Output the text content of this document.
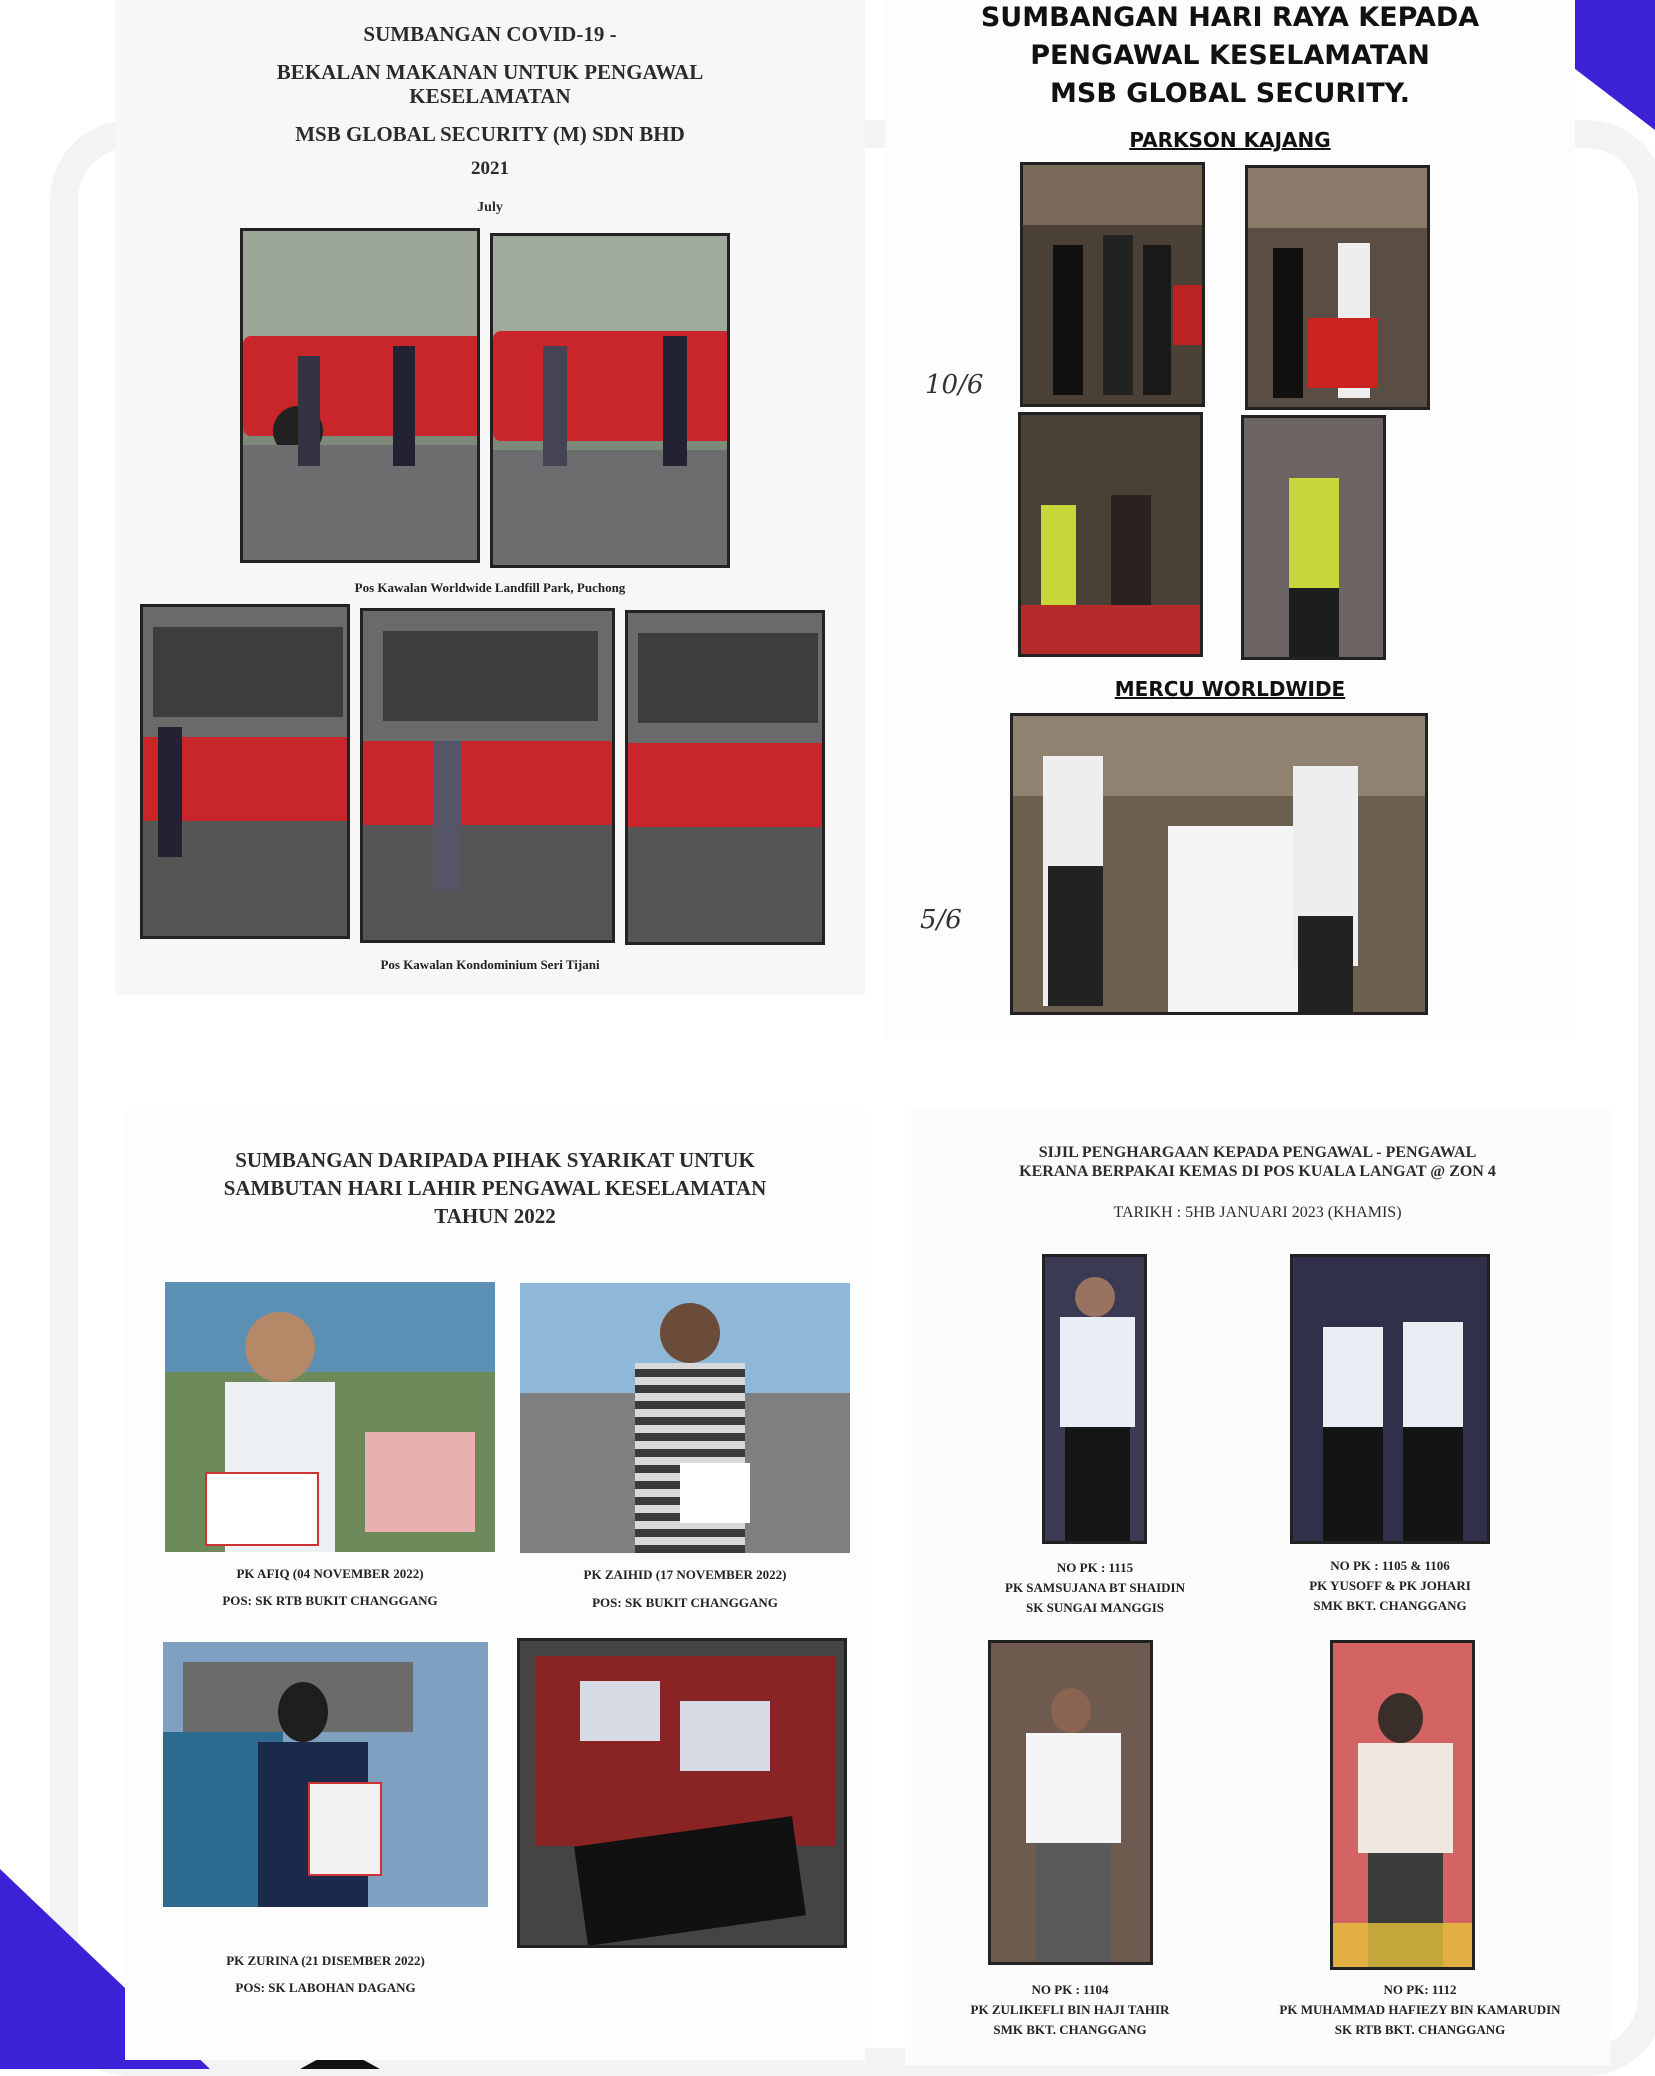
SUMBANGAN COVID-19 -
BEKALAN MAKANAN UNTUK PENGAWAL
KESELAMATAN
MSB GLOBAL SECURITY (M) SDN BHD
2021
July
Pos Kawalan Worldwide Landfill Park, Puchong
Pos Kawalan Kondominium Seri Tijani
SUMBANGAN HARI RAYA KEPADA
PENGAWAL KESELAMATAN
MSB GLOBAL SECURITY.
PARKSON KAJANG
10/6
MERCU WORLDWIDE
5/6
SUMBANGAN DARIPADA PIHAK SYARIKAT UNTUK
SAMBUTAN HARI LAHIR PENGAWAL KESELAMATAN
TAHUN 2022
PK AFIQ (04 NOVEMBER 2022)
POS: SK RTB BUKIT CHANGGANG
PK ZAIHID (17 NOVEMBER 2022)
POS: SK BUKIT CHANGGANG
PK ZURINA (21 DISEMBER 2022)
POS: SK LABOHAN DAGANG
SIJIL PENGHARGAAN KEPADA PENGAWAL - PENGAWAL
KERANA BERPAKAI KEMAS DI POS KUALA LANGAT @ ZON 4
TARIKH : 5HB JANUARI 2023 (KHAMIS)
NO PK : 1115
PK SAMSUJANA BT SHAIDIN
SK SUNGAI MANGGIS
NO PK : 1105 & 1106
PK YUSOFF & PK JOHARI
SMK BKT. CHANGGANG
NO PK : 1104
PK ZULIKEFLI BIN HAJI TAHIR
SMK BKT. CHANGGANG
NO PK: 1112
PK MUHAMMAD HAFIEZY BIN KAMARUDIN
SK RTB BKT. CHANGGANG
